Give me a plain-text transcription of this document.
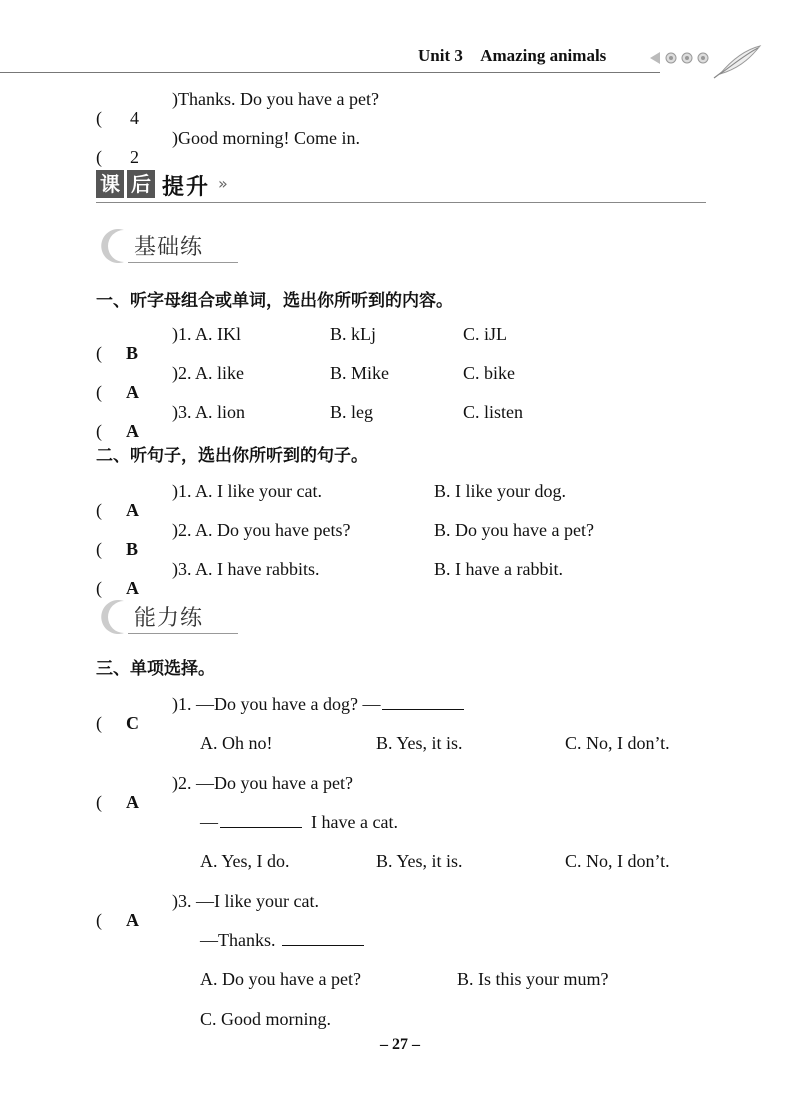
Unit 3 Amazing animals
( 4
)Thanks. Do you have a pet?
( 2
)Good morning! Come in.
课 后 提升 »
基础练
一、听字母组合或单词，选出你所听到的内容。
( B
)1. A. IKl	B. kLj	C. iJL
( A
)2. A. like	B. Mike	C. bike
( A
)3. A. lion	B. leg	C. listen
二、听句子，选出你所听到的句子。
( A
)1. A. I like your cat.	B. I like your dog.
( B
)2. A. Do you have pets?	B. Do you have a pet?
( A
)3. A. I have rabbits.	B. I have a rabbit.
能力练
三、单项选择。
( C
)1. —Do you have a dog? —
A. Oh no!	B. Yes, it is.	C. No, I don’t.
( A
)2. —Do you have a pet?
—	I have a cat.
A. Yes, I do.	B. Yes, it is.	C. No, I don’t.
( A
)3. —I like your cat.
—Thanks.
A. Do you have a pet?	B. Is this your mum?
C. Good morning.
– 27 –
